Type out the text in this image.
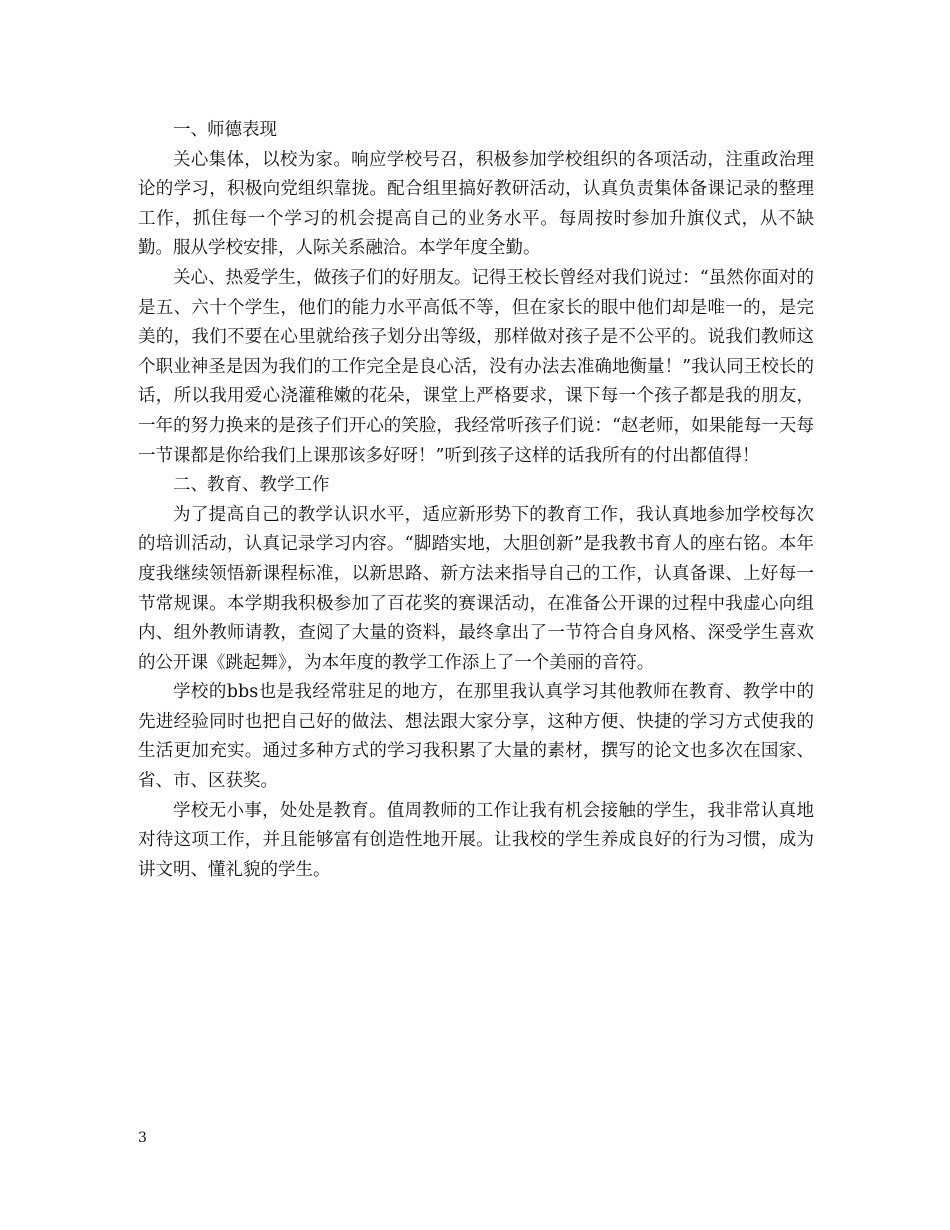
一、师德表现

关心集体，以校为家。响应学校号召，积极参加学校组织的各项活动，注重政治理论的学习，积极向党组织靠拢。配合组里搞好教研活动，认真负责集体备课记录的整理工作，抓住每一个学习的机会提高自己的业务水平。每周按时参加升旗仪式，从不缺勤。服从学校安排，人际关系融洽。本学年度全勤。

关心、热爱学生，做孩子们的好朋友。记得王校长曾经对我们说过：“虽然你面对的是五、六十个学生，他们的能力水平高低不等，但在家长的眼中他们却是唯一的，是完美的，我们不要在心里就给孩子划分出等级，那样做对孩子是不公平的。说我们教师这个职业神圣是因为我们的工作完全是良心活，没有办法去准确地衡量！”我认同王校长的话，所以我用爱心浇灌稚嫩的花朵，课堂上严格要求，课下每一个孩子都是我的朋友，一年的努力换来的是孩子们开心的笑脸，我经常听孩子们说：“赵老师，如果能每一天每一节课都是你给我们上课那该多好呀！”听到孩子这样的话我所有的付出都值得！

二、教育、教学工作

为了提高自己的教学认识水平，适应新形势下的教育工作，我认真地参加学校每次的培训活动，认真记录学习内容。“脚踏实地，大胆创新”是我教书育人的座右铭。本年度我继续领悟新课程标准，以新思路、新方法来指导自己的工作，认真备课、上好每一节常规课。本学期我积极参加了百花奖的赛课活动，在准备公开课的过程中我虚心向组内、组外教师请教，查阅了大量的资料，最终拿出了一节符合自身风格、深受学生喜欢的公开课《跳起舞》，为本年度的教学工作添上了一个美丽的音符。

学校的bbs也是我经常驻足的地方，在那里我认真学习其他教师在教育、教学中的先进经验同时也把自己好的做法、想法跟大家分享，这种方便、快捷的学习方式使我的生活更加充实。通过多种方式的学习我积累了大量的素材，撰写的论文也多次在国家、省、市、区获奖。

学校无小事，处处是教育。值周教师的工作让我有机会接触的学生，我非常认真地对待这项工作，并且能够富有创造性地开展。让我校的学生养成良好的行为习惯，成为讲文明、懂礼貌的学生。

3
